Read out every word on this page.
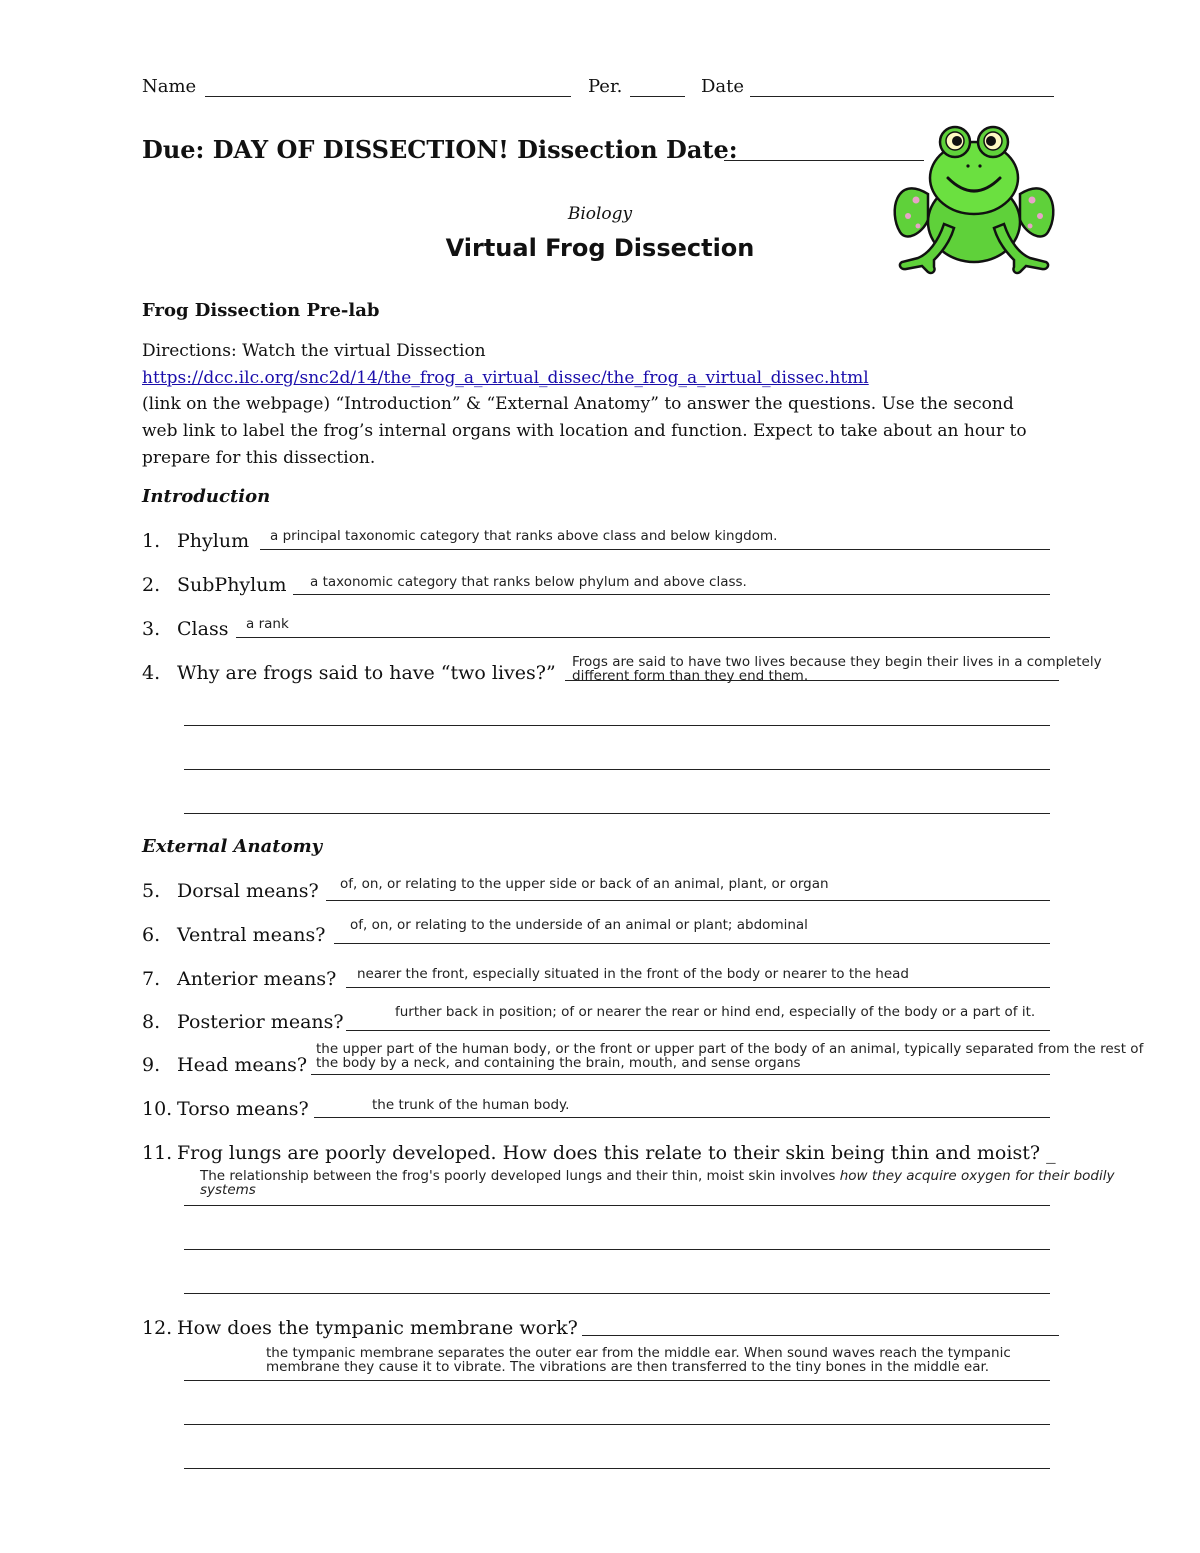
Name	Per.	Date
Due: DAY OF DISSECTION! Dissection Date:
Biology
Virtual Frog Dissection
Frog Dissection Pre-lab
Directions: Watch the virtual Dissection
https://dcc.ilc.org/snc2d/14/the_frog_a_virtual_dissec/the_frog_a_virtual_dissec.html
(link on the webpage) “Introduction” & “External Anatomy” to answer the questions. Use the second
web link to label the frog’s internal organs with location and function. Expect to take about an hour to
prepare for this dissection.
Introduction
1. Phylum a principal taxonomic category that ranks above class and below kingdom.
2. SubPhylum a taxonomic category that ranks below phylum and above class.
3. Class a rank
4. Why are frogs said to have “two lives?” Frogs are said to have two lives because they begin their lives in a completely
different form than they end them.
External Anatomy
5. Dorsal means? of, on, or relating to the upper side or back of an animal, plant, or organ
6. Ventral means? of, on, or relating to the underside of an animal or plant; abdominal
7. Anterior means? nearer the front, especially situated in the front of the body or nearer to the head
8. Posterior means?	further back in position; of or nearer the rear or hind end, especially of the body or a part of it.
9. Head means?
the upper part of the human body, or the front or upper part of the body of an animal, typically separated from the rest of
the body by a neck, and containing the brain, mouth, and sense organs
10. Torso means?	the trunk of the human body.
11. Frog lungs are poorly developed. How does this relate to their skin being thin and moist? _
The relationship between the frog's poorly developed lungs and their thin, moist skin involves how they acquire oxygen for their bodily
systems
12. How does the tympanic membrane work?
the tympanic membrane separates the outer ear from the middle ear. When sound waves reach the tympanic
membrane they cause it to vibrate. The vibrations are then transferred to the tiny bones in the middle ear.
